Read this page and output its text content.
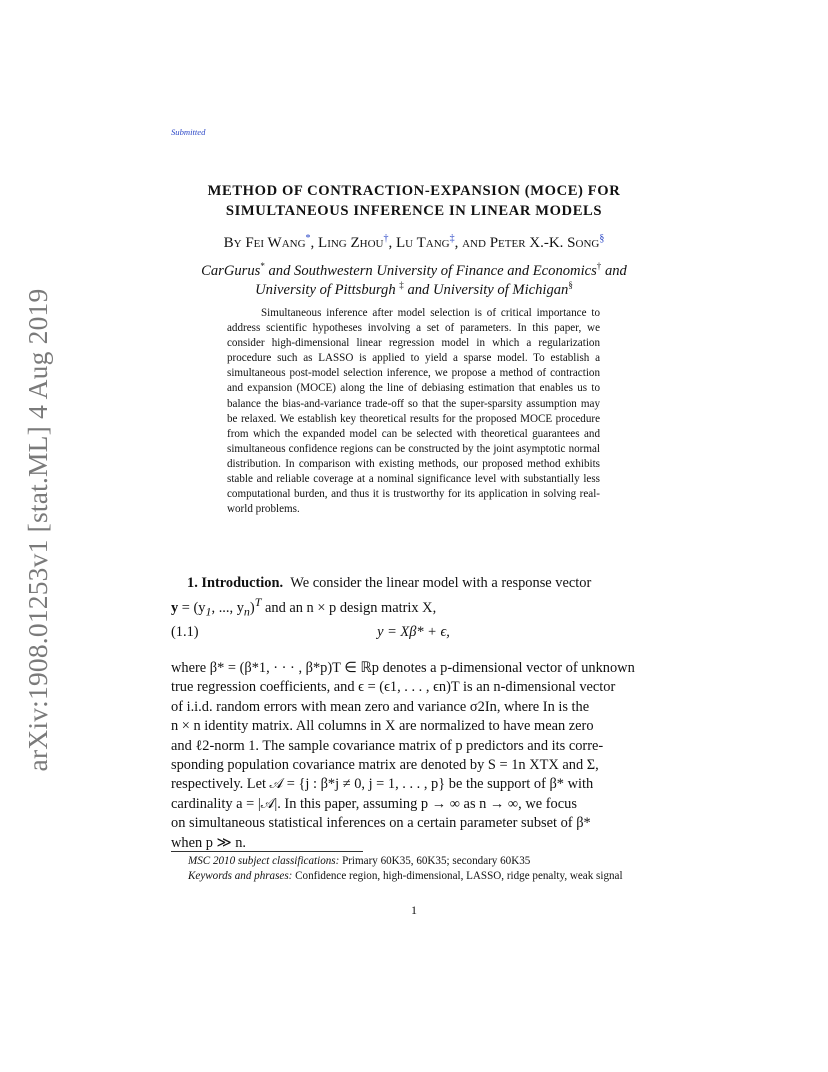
arXiv:1908.01253v1 [stat.ML] 4 Aug 2019
Submitted
METHOD OF CONTRACTION-EXPANSION (MOCE) FOR
SIMULTANEOUS INFERENCE IN LINEAR MODELS
By Fei Wang*, Ling Zhou†, Lu Tang‡, and Peter X.-K. Song§
CarGurus* and Southwestern University of Finance and Economics† and
University of Pittsburgh ‡ and University of Michigan§
Simultaneous inference after model selection is of critical importance to address scientific hypotheses involving a set of parameters. In this paper, we consider high-dimensional linear regression model in which a regularization procedure such as LASSO is applied to yield a sparse model. To establish a simultaneous post-model selection inference, we propose a method of contraction and expansion (MOCE) along the line of debiasing estimation that enables us to balance the bias-and-variance trade-off so that the super-sparsity assumption may be relaxed. We establish key theoretical results for the proposed MOCE procedure from which the expanded model can be selected with theoretical guarantees and simultaneous confidence regions can be constructed by the joint asymptotic normal distribution. In comparison with existing methods, our proposed method exhibits stable and reliable coverage at a nominal significance level with substantially less computational burden, and thus it is trustworthy for its application in solving real-world problems.
1. Introduction. We consider the linear model with a response vector
$y = (y_1$, ..., $y_n)^T$ and an n × p design matrix X,
(1.1)	y = Xβ* + ϵ,
where β* = (β*1, · · · , β*p)T ∈ ℝp denotes a p-dimensional vector of unknown
true regression coefficients, and ϵ = (ϵ1, . . . , ϵn)T is an n-dimensional vector
of i.i.d. random errors with mean zero and variance σ2In, where In is the
n × n identity matrix. All columns in X are normalized to have mean zero
and ℓ2-norm 1. The sample covariance matrix of p predictors and its corre-
sponding population covariance matrix are denoted by S = 1n XTX and Σ,
respectively. Let 𝒜 = {j : β*j ≠ 0, j = 1, . . . , p} be the support of β* with
cardinality a = |𝒜|. In this paper, assuming p → ∞ as n → ∞, we focus
on simultaneous statistical inferences on a certain parameter subset of β*
when p ≫ n.
MSC 2010 subject classifications: Primary 60K35, 60K35; secondary 60K35
Keywords and phrases: Confidence region, high-dimensional, LASSO, ridge penalty, weak signal
1
